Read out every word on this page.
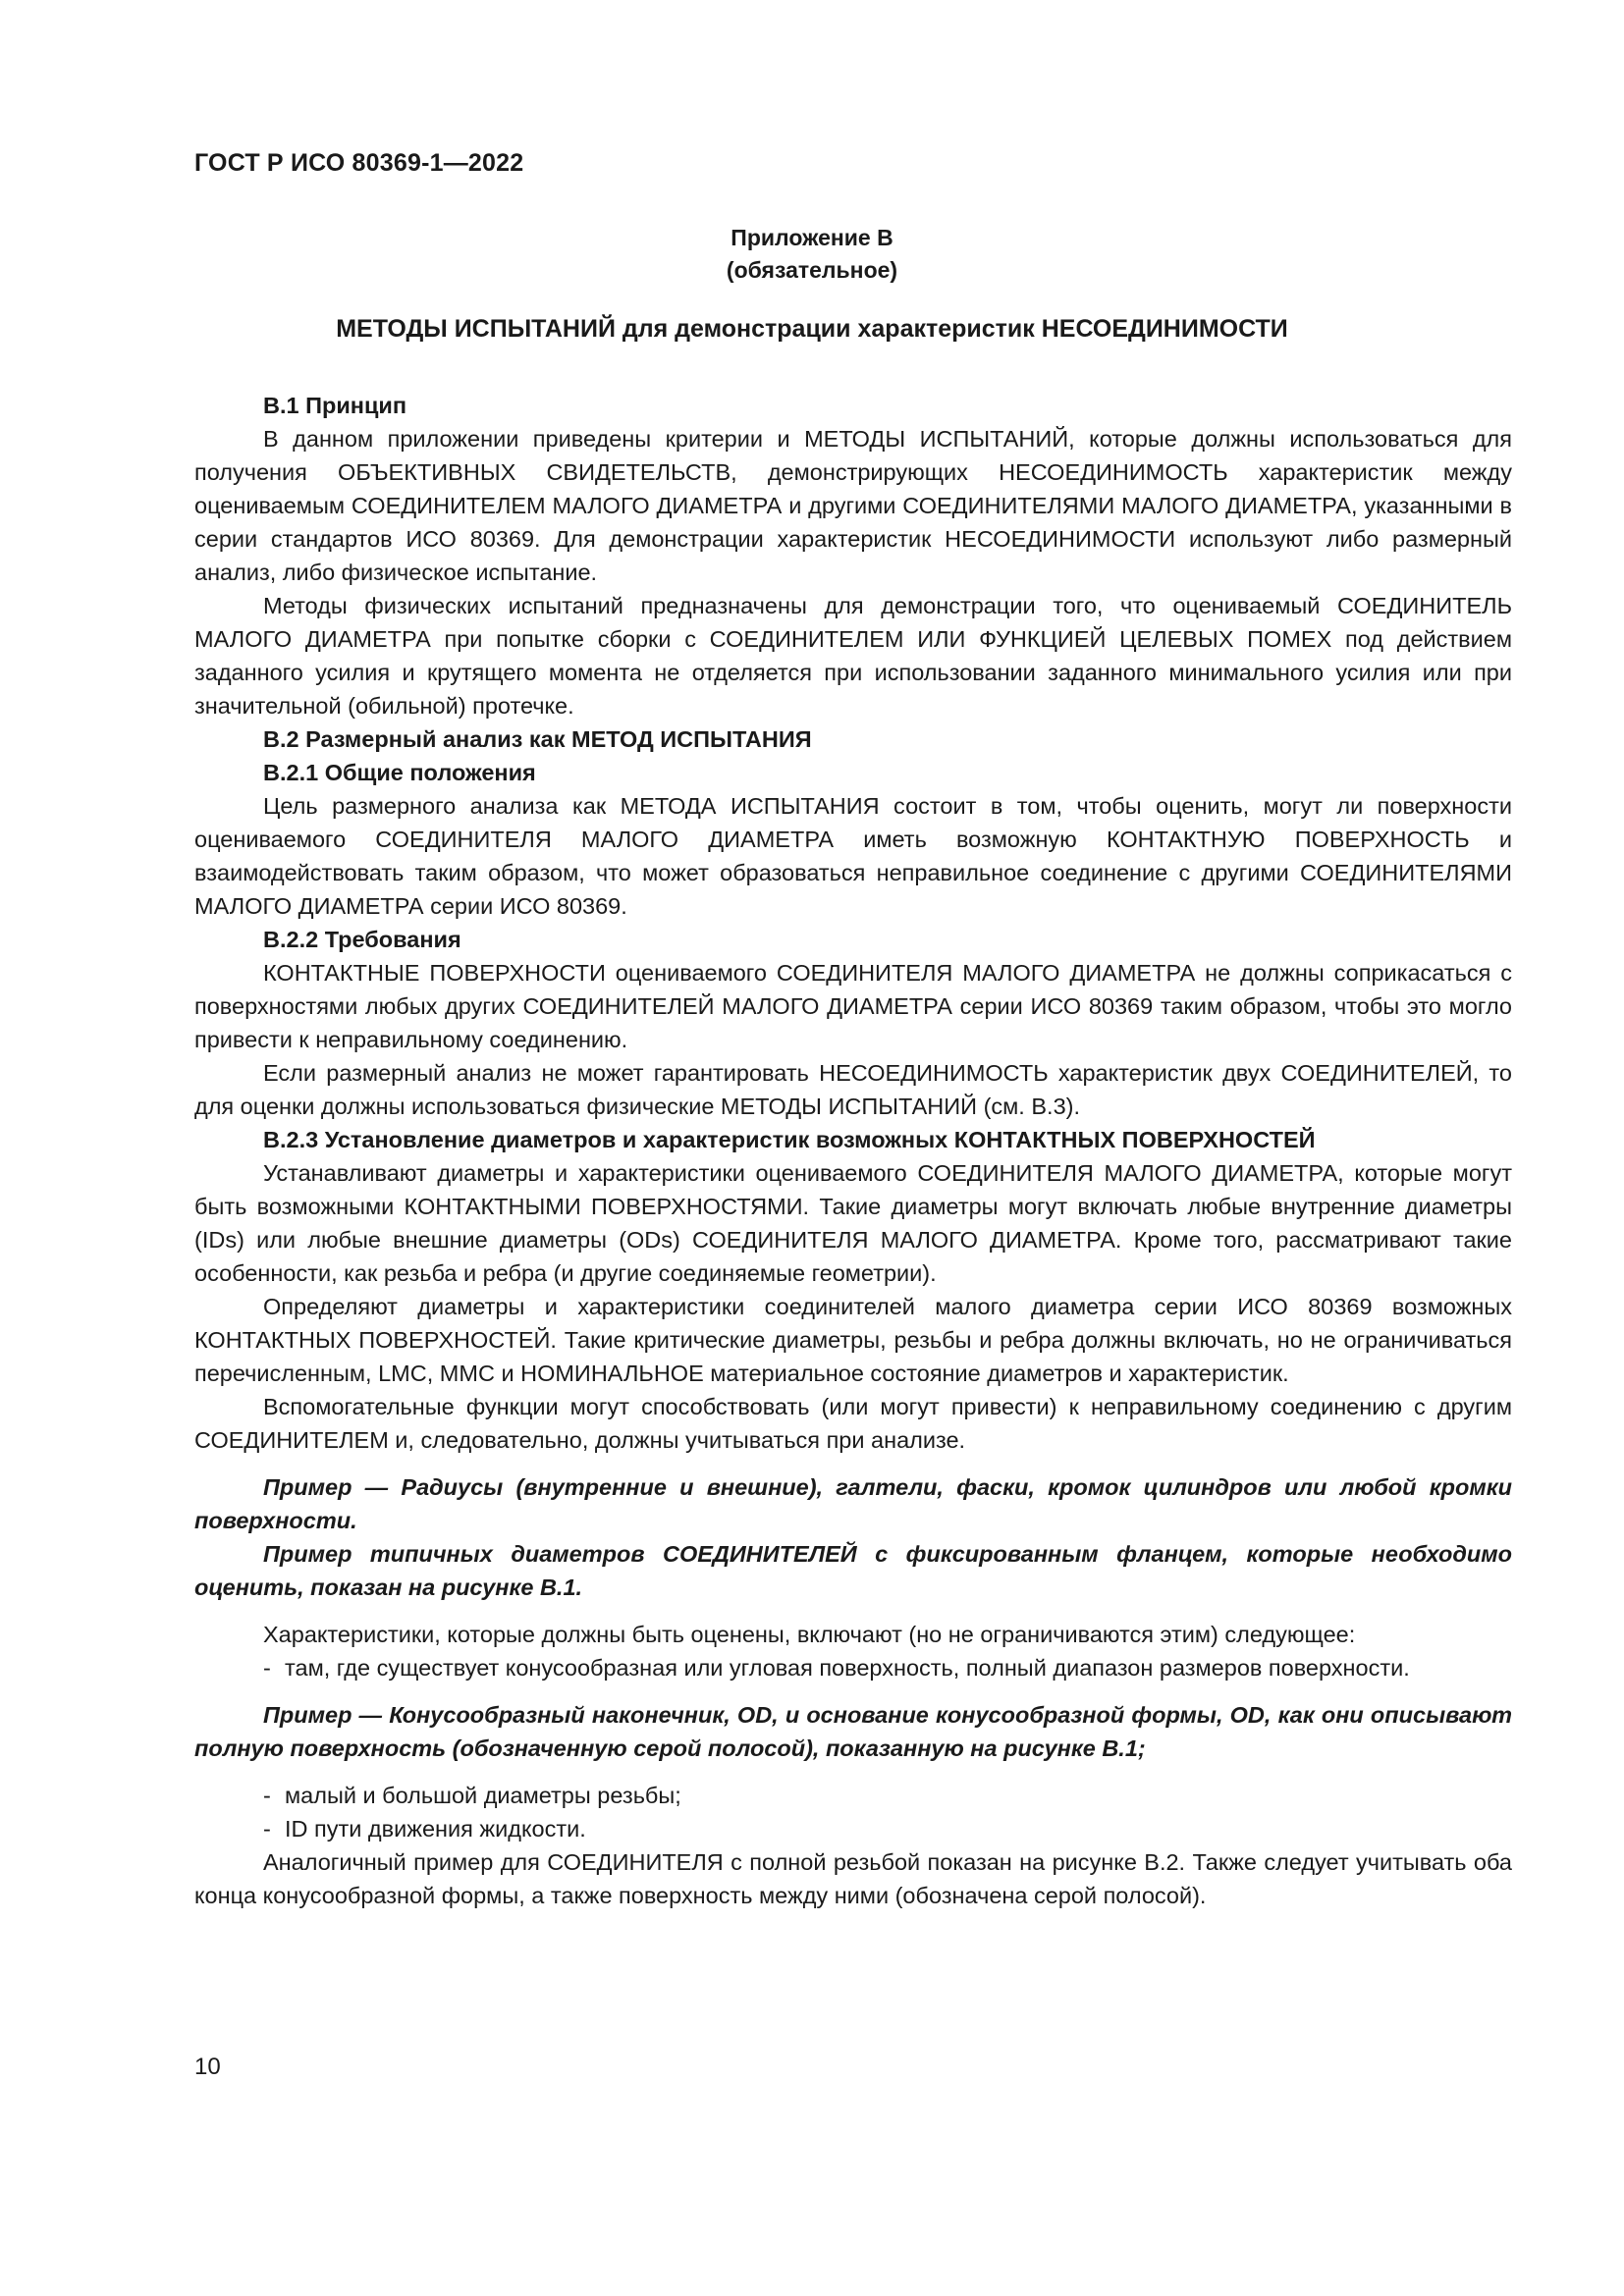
ГОСТ Р ИСО 80369-1—2022
Приложение B
(обязательное)
МЕТОДЫ ИСПЫТАНИЙ для демонстрации характеристик НЕСОЕДИНИМОСТИ

B.1 Принцип

В данном приложении приведены критерии и МЕТОДЫ ИСПЫТАНИЙ, которые должны использоваться для получения ОБЪЕКТИВНЫХ СВИДЕТЕЛЬСТВ, демонстрирующих НЕСОЕДИНИМОСТЬ характеристик между оцениваемым СОЕДИНИТЕЛЕМ МАЛОГО ДИАМЕТРА и другими СОЕДИНИТЕЛЯМИ МАЛОГО ДИАМЕТРА, указанными в серии стандартов ИСО 80369. Для демонстрации характеристик НЕСОЕДИНИМОСТИ используют либо размерный анализ, либо физическое испытание.

Методы физических испытаний предназначены для демонстрации того, что оцениваемый СОЕДИНИТЕЛЬ МАЛОГО ДИАМЕТРА при попытке сборки с СОЕДИНИТЕЛЕМ ИЛИ ФУНКЦИЕЙ ЦЕЛЕВЫХ ПОМЕХ под действием заданного усилия и крутящего момента не отделяется при использовании заданного минимального усилия или при значительной (обильной) протечке.

B.2 Размерный анализ как МЕТОД ИСПЫТАНИЯ

B.2.1 Общие положения

Цель размерного анализа как МЕТОДА ИСПЫТАНИЯ состоит в том, чтобы оценить, могут ли поверхности оцениваемого СОЕДИНИТЕЛЯ МАЛОГО ДИАМЕТРА иметь возможную КОНТАКТНУЮ ПОВЕРХНОСТЬ и взаимодействовать таким образом, что может образоваться неправильное соединение с другими СОЕДИНИТЕЛЯМИ МАЛОГО ДИАМЕТРА серии ИСО 80369.

B.2.2 Требования

КОНТАКТНЫЕ ПОВЕРХНОСТИ оцениваемого СОЕДИНИТЕЛЯ МАЛОГО ДИАМЕТРА не должны соприкасаться с поверхностями любых других СОЕДИНИТЕЛЕЙ МАЛОГО ДИАМЕТРА серии ИСО 80369 таким образом, чтобы это могло привести к неправильному соединению.

Если размерный анализ не может гарантировать НЕСОЕДИНИМОСТЬ характеристик двух СОЕДИНИТЕЛЕЙ, то для оценки должны использоваться физические МЕТОДЫ ИСПЫТАНИЙ (см. B.3).

B.2.3 Установление диаметров и характеристик возможных КОНТАКТНЫХ ПОВЕРХНОСТЕЙ

Устанавливают диаметры и характеристики оцениваемого СОЕДИНИТЕЛЯ МАЛОГО ДИАМЕТРА, которые могут быть возможными КОНТАКТНЫМИ ПОВЕРХНОСТЯМИ. Такие диаметры могут включать любые внутренние диаметры (IDs) или любые внешние диаметры (ODs) СОЕДИНИТЕЛЯ МАЛОГО ДИАМЕТРА. Кроме того, рассматривают такие особенности, как резьба и ребра (и другие соединяемые геометрии).

Определяют диаметры и характеристики соединителей малого диаметра серии ИСО 80369 возможных КОНТАКТНЫХ ПОВЕРХНОСТЕЙ. Такие критические диаметры, резьбы и ребра должны включать, но не ограничиваться перечисленным, LMC, MMC и НОМИНАЛЬНОЕ материальное состояние диаметров и характеристик.

Вспомогательные функции могут способствовать (или могут привести) к неправильному соединению с другим СОЕДИНИТЕЛЕМ и, следовательно, должны учитываться при анализе.

Пример — Радиусы (внутренние и внешние), галтели, фаски, кромок цилиндров или любой кромки поверхности.

Пример типичных диаметров СОЕДИНИТЕЛЕЙ с фиксированным фланцем, которые необходимо оценить, показан на рисунке B.1.

Характеристики, которые должны быть оценены, включают (но не ограничиваются этим) следующее:

- там, где существует конусообразная или угловая поверхность, полный диапазон размеров поверхности.

Пример — Конусообразный наконечник, OD, и основание конусообразной формы, OD, как они описывают полную поверхность (обозначенную серой полосой), показанную на рисунке B.1;

- малый и большой диаметры резьбы;

- ID пути движения жидкости.

Аналогичный пример для СОЕДИНИТЕЛЯ с полной резьбой показан на рисунке B.2. Также следует учитывать оба конца конусообразной формы, а также поверхность между ними (обозначена серой полосой).

10
